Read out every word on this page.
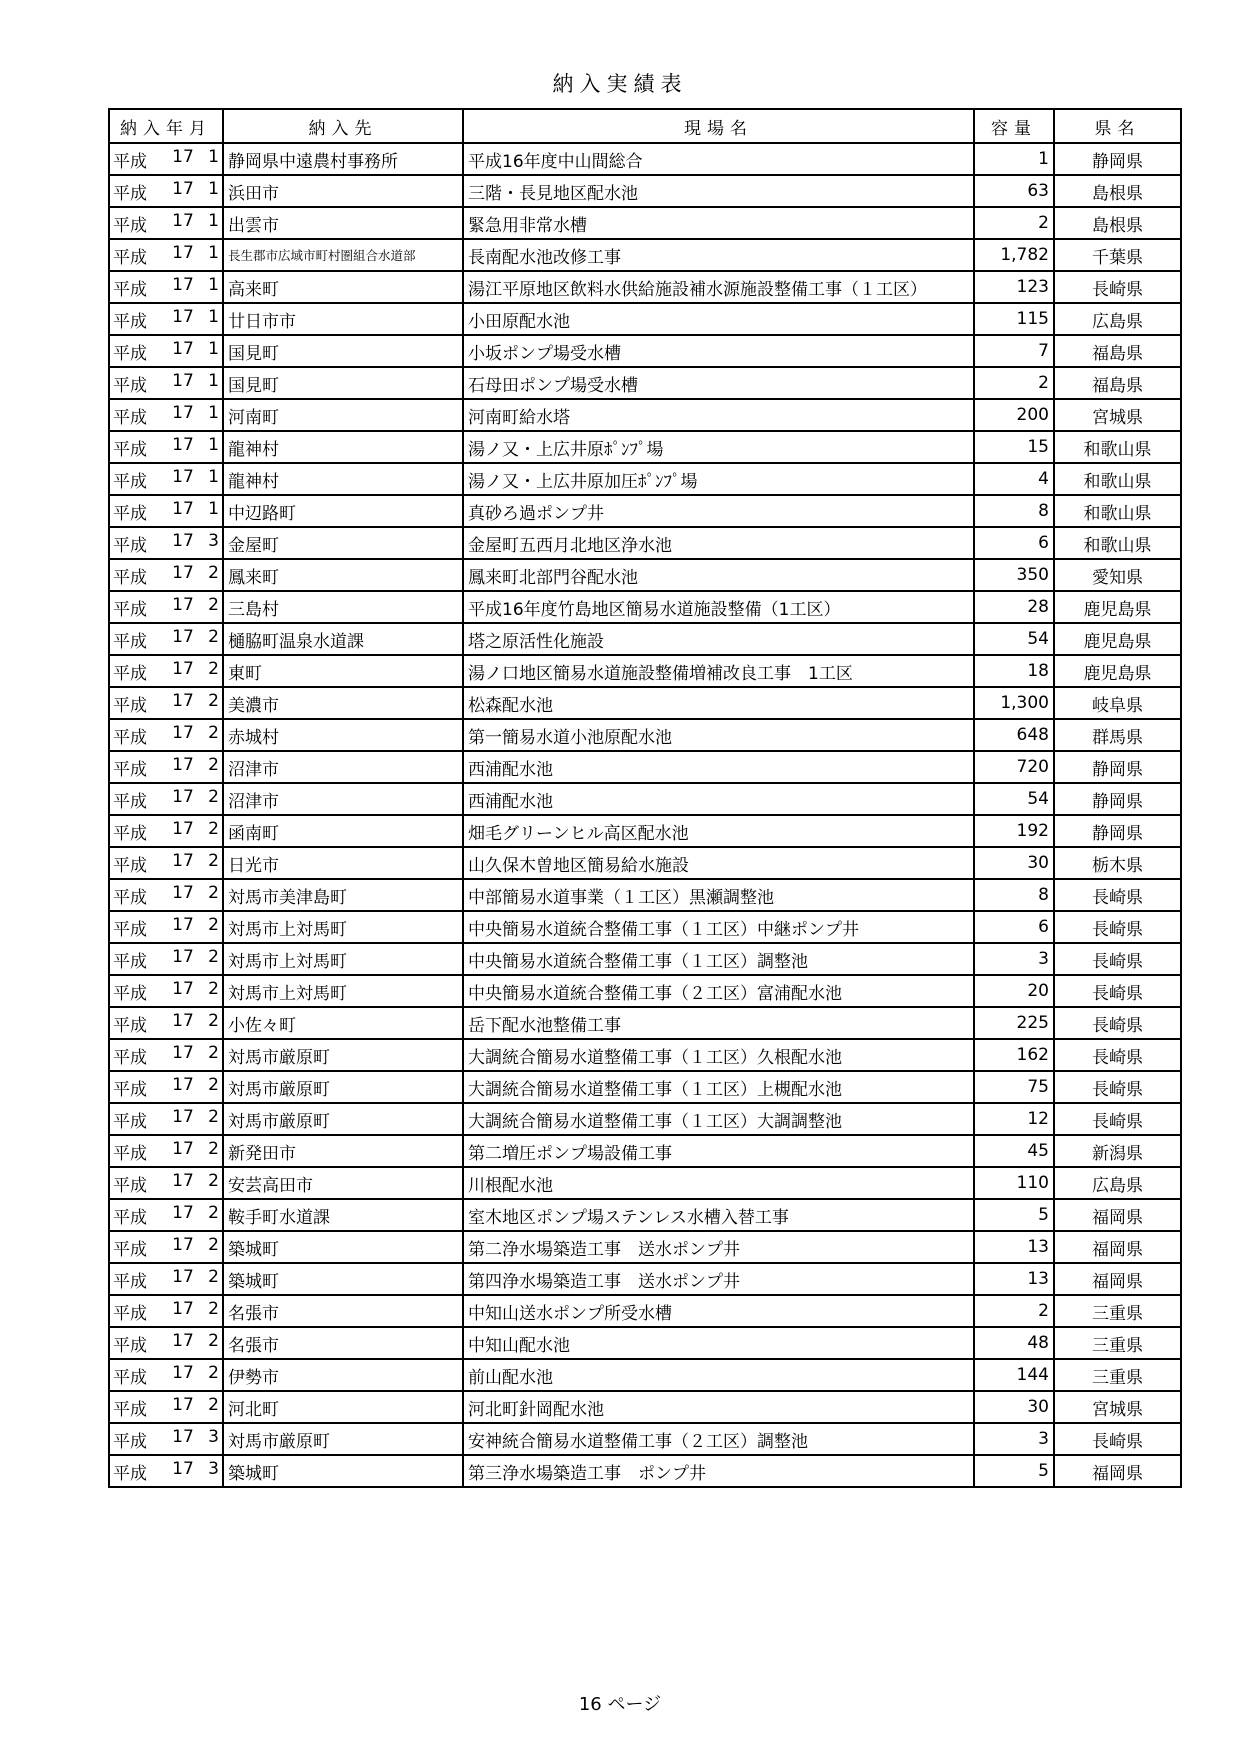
納入実績表
納入年月	納入先	現場名	容量	県名

平成 17 1	静岡県中遠農村事務所	平成16年度中山間総合	1	静岡県

平成 17 1	浜田市	三階・長見地区配水池	63	島根県

平成 17 1	出雲市	緊急用非常水槽	2	島根県

平成 17 1	長生郡市広域市町村圏組合水道部	長南配水池改修工事	1,782	千葉県

平成 17 1	高来町	湯江平原地区飲料水供給施設補水源施設整備工事（１工区）	123	長崎県

平成 17 1	廿日市市	小田原配水池	115	広島県

平成 17 1	国見町	小坂ポンプ場受水槽	7	福島県

平成 17 1	国見町	石母田ポンプ場受水槽	2	福島県

平成 17 1	河南町	河南町給水塔	200	宮城県

平成 17 1	龍神村	湯ノ又・上広井原ﾎﾟﾝﾌﾟ場	15	和歌山県

平成 17 1	龍神村	湯ノ又・上広井原加圧ﾎﾟﾝﾌﾟ場	4	和歌山県

平成 17 1	中辺路町	真砂ろ過ポンプ井	8	和歌山県

平成 17 3	金屋町	金屋町五西月北地区浄水池	6	和歌山県

平成 17 2	鳳来町	鳳来町北部門谷配水池	350	愛知県

平成 17 2	三島村	平成16年度竹島地区簡易水道施設整備（1工区）	28	鹿児島県

平成 17 2	樋脇町温泉水道課	塔之原活性化施設	54	鹿児島県

平成 17 2	東町	湯ノ口地区簡易水道施設整備増補改良工事　1工区	18	鹿児島県

平成 17 2	美濃市	松森配水池	1,300	岐阜県

平成 17 2	赤城村	第一簡易水道小池原配水池	648	群馬県

平成 17 2	沼津市	西浦配水池	720	静岡県

平成 17 2	沼津市	西浦配水池	54	静岡県

平成 17 2	函南町	畑毛グリーンヒル高区配水池	192	静岡県

平成 17 2	日光市	山久保木曽地区簡易給水施設	30	栃木県

平成 17 2	対馬市美津島町	中部簡易水道事業（１工区）黒瀬調整池	8	長崎県

平成 17 2	対馬市上対馬町	中央簡易水道統合整備工事（１工区）中継ポンプ井	6	長崎県

平成 17 2	対馬市上対馬町	中央簡易水道統合整備工事（１工区）調整池	3	長崎県

平成 17 2	対馬市上対馬町	中央簡易水道統合整備工事（２工区）富浦配水池	20	長崎県

平成 17 2	小佐々町	岳下配水池整備工事	225	長崎県

平成 17 2	対馬市厳原町	大調統合簡易水道整備工事（１工区）久根配水池	162	長崎県

平成 17 2	対馬市厳原町	大調統合簡易水道整備工事（１工区）上槻配水池	75	長崎県

平成 17 2	対馬市厳原町	大調統合簡易水道整備工事（１工区）大調調整池	12	長崎県

平成 17 2	新発田市	第二増圧ポンプ場設備工事	45	新潟県

平成 17 2	安芸高田市	川根配水池	110	広島県

平成 17 2	鞍手町水道課	室木地区ポンプ場ステンレス水槽入替工事	5	福岡県

平成 17 2	築城町	第二浄水場築造工事　送水ポンプ井	13	福岡県

平成 17 2	築城町	第四浄水場築造工事　送水ポンプ井	13	福岡県

平成 17 2	名張市	中知山送水ポンプ所受水槽	2	三重県

平成 17 2	名張市	中知山配水池	48	三重県

平成 17 2	伊勢市	前山配水池	144	三重県

平成 17 2	河北町	河北町針岡配水池	30	宮城県

平成 17 3	対馬市厳原町	安神統合簡易水道整備工事（２工区）調整池	3	長崎県

平成 17 3	築城町	第三浄水場築造工事　ポンプ井	5	福岡県
16 ページ
